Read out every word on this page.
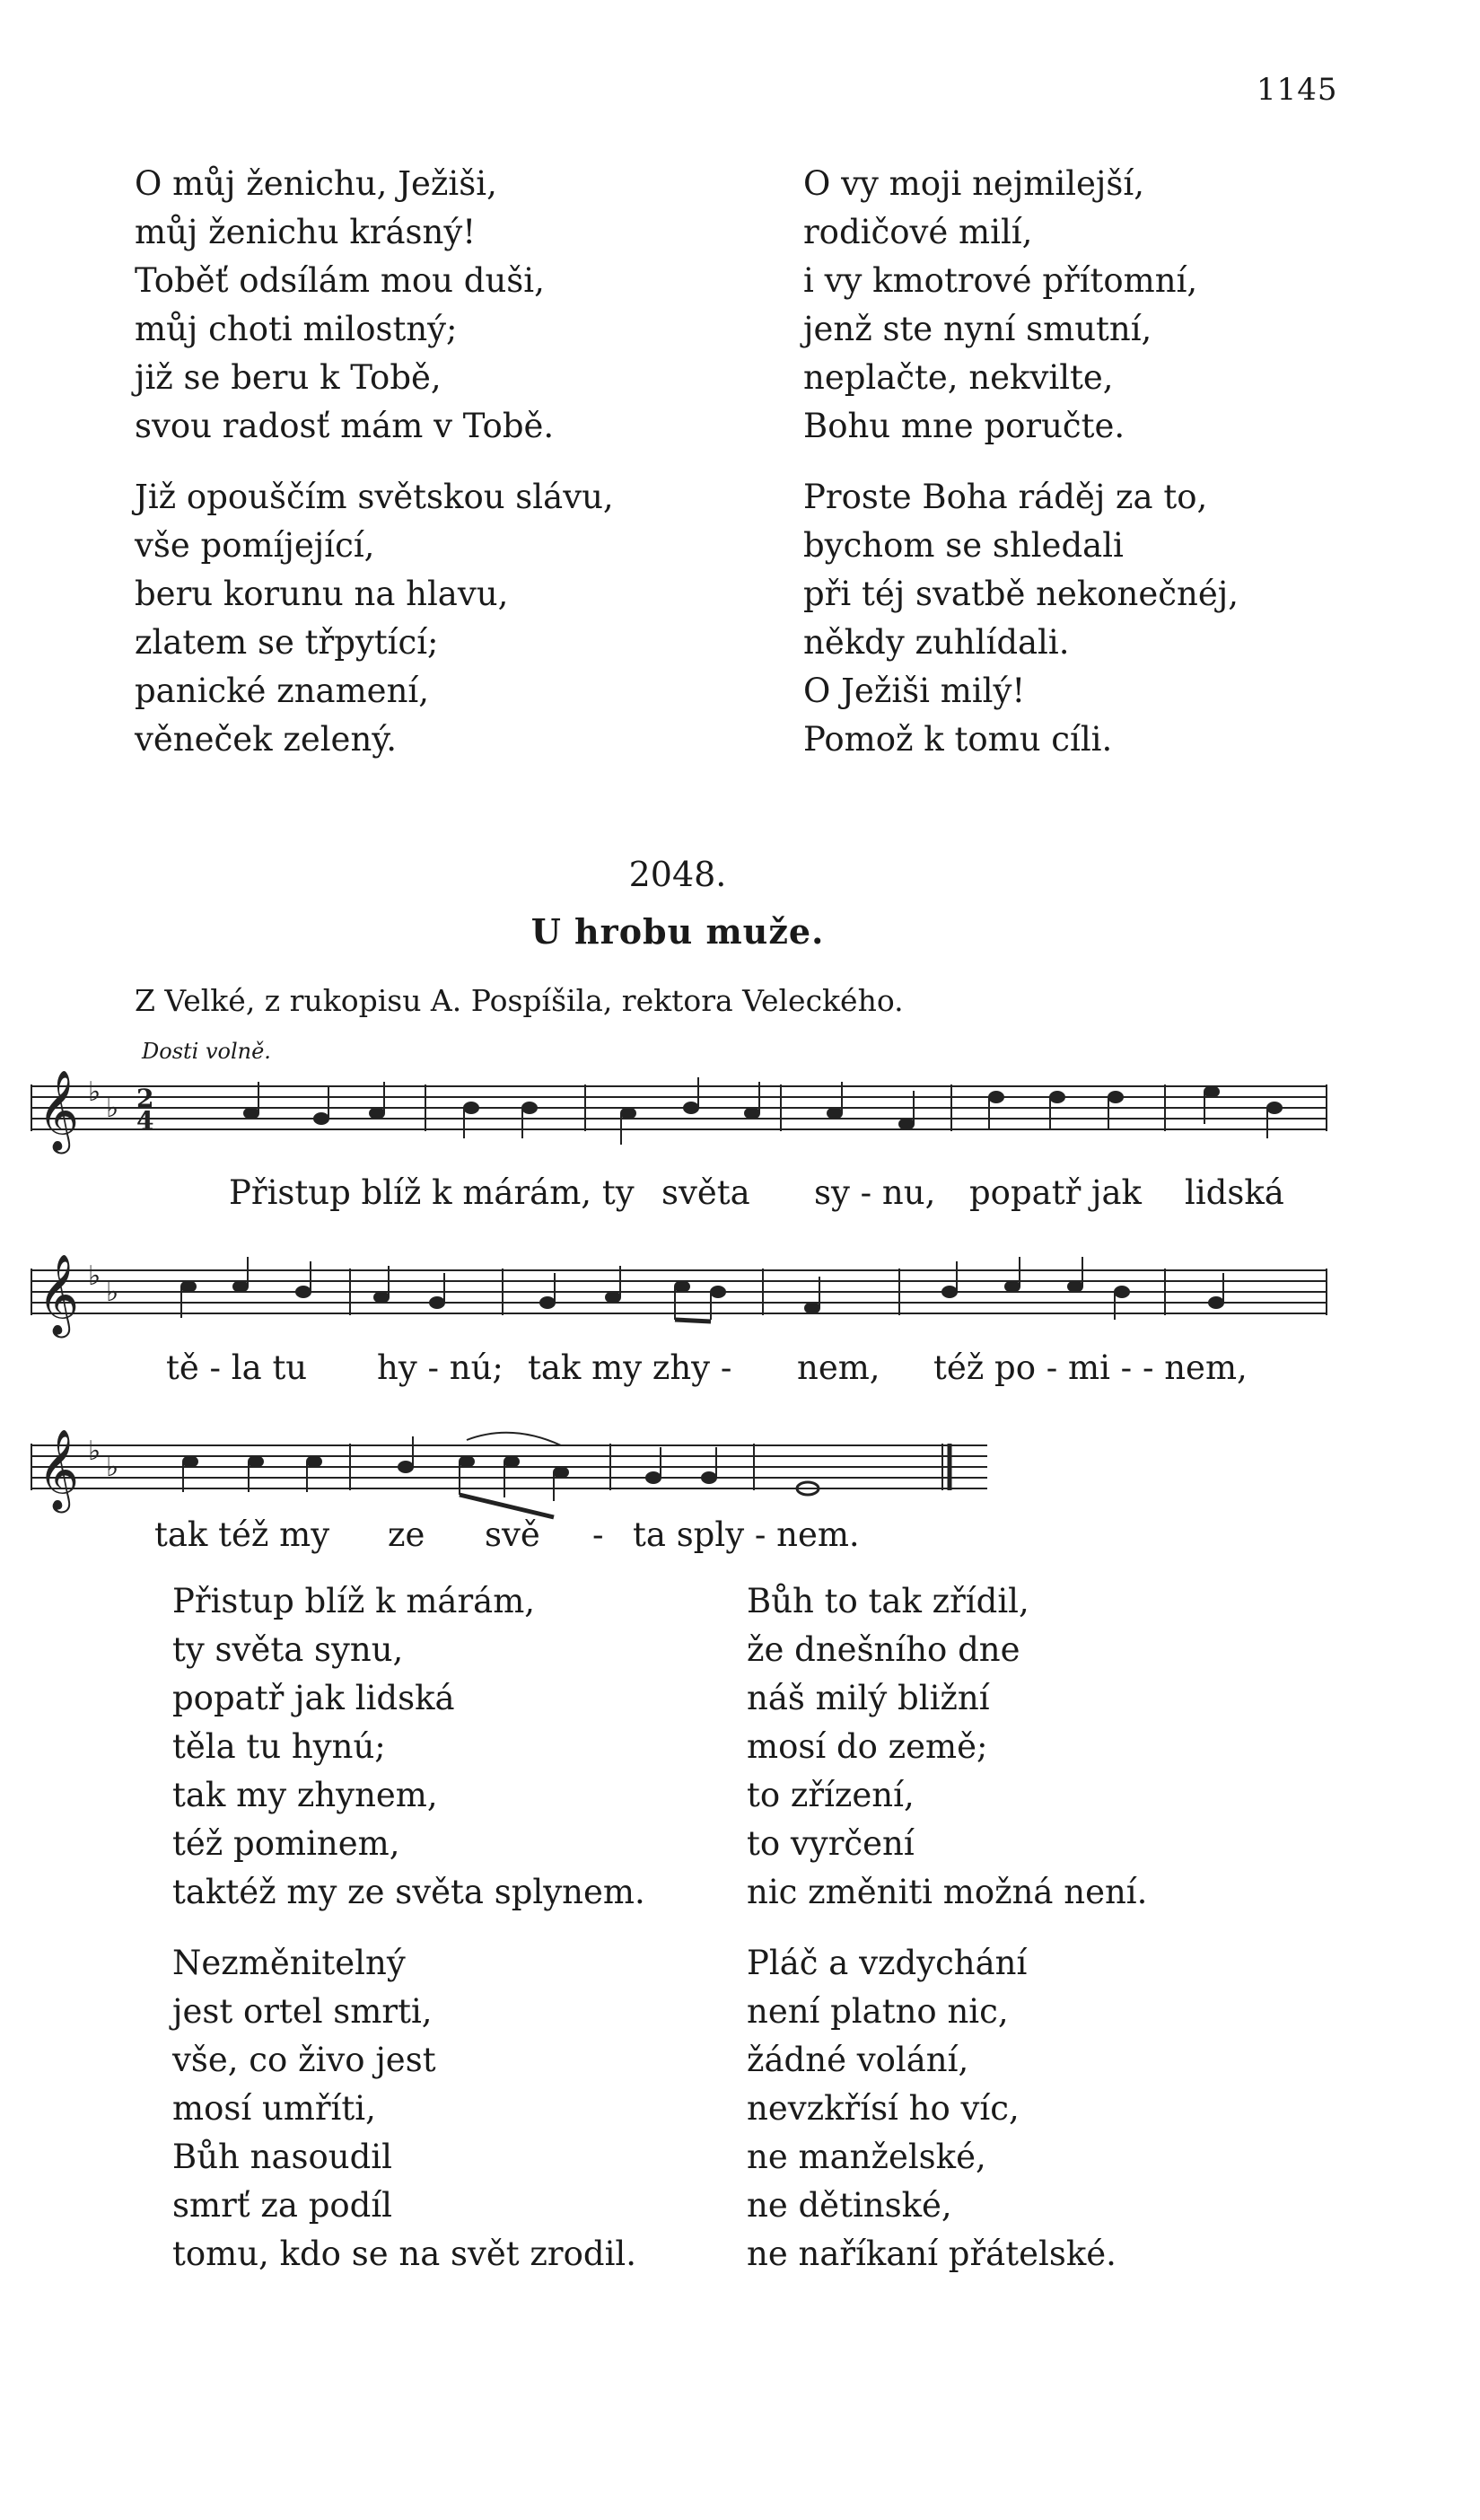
1145
O můj ženichu, Ježiši,
můj ženichu krásný!
Toběť odsílám mou duši,
můj choti milostný;
již se beru k Tobě,
svou radosť mám v Tobě.
Již opouščím světskou slávu,
vše pomíjející,
beru korunu na hlavu,
zlatem se třpytící;
panické znamení,
věneček zelený.
O vy moji nejmilejší,
rodičové milí,
i vy kmotrové přítomní,
jenž ste nyní smutní,
neplačte, nekvilte,
Bohu mne poručte.
Proste Boha ráděj za to,
bychom se shledali
při téj svatbě nekonečnéj,
někdy zuhlídali.
O Ježiši milý!
Pomož k tomu cíli.
2048.
U hrobu muže.
Z Velké, z rukopisu A. Pospíšila, rektora Veleckého.
Dosti volně.
𝄞 ♭
♭ 2
4
𝄞 ♭
♭
𝄞 ♭
♭
Přistup blíž k márám, ty světa sy - nu, popatř jak lidská
tě - la tu hy - nú; tak my zhy - nem, též po - mi - - nem,
tak též my ze svě - ta sply - nem.
Přistup blíž k márám,
ty světa synu,
popatř jak lidská
těla tu hynú;
tak my zhynem,
též pominem,
taktéž my ze světa splynem.
Nezměnitelný
jest ortel smrti,
vše, co živo jest
mosí umříti,
Bůh nasoudil
smrť za podíl
tomu, kdo se na svět zrodil.
Bůh to tak zřídil,
že dnešního dne
náš milý bližní
mosí do země;
to zřízení,
to vyrčení
nic změniti možná není.
Pláč a vzdychání
není platno nic,
žádné volání,
nevzkřísí ho víc,
ne manželské,
ne dětinské,
ne naříkaní přátelské.
